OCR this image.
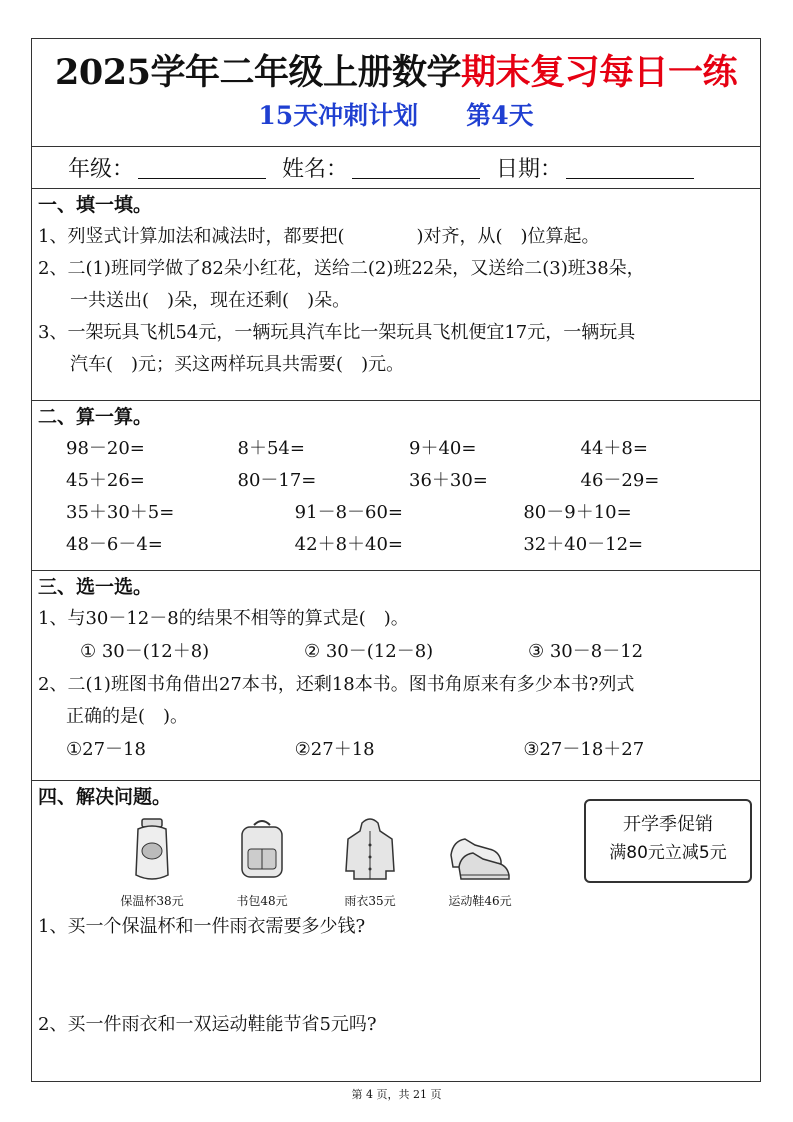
2025学年二年级上册数学期末复习每日一练
15天冲刺计划 第4天
年级：	姓名：	日期：
一、填一填。
1、列竖式计算加法和减法时，都要把(　　　　)对齐，从(　)位算起。
2、二(1)班同学做了82朵小红花，送给二(2)班22朵，又送给二(3)班38朵，
一共送出(　)朵，现在还剩(　)朵。
3、一架玩具飞机54元，一辆玩具汽车比一架玩具飞机便宜17元，一辆玩具
汽车(　)元；买这两样玩具共需要(　)元。
二、算一算。
98－20=	8＋54=	9＋40=	44＋8=
45＋26=	80－17=	36＋30=	46－29=
35＋30＋5=	91－8－60=	80－9＋10=
48－6－4=	42＋8＋40=	32＋40－12=
三、选一选。
1、与30－12－8的结果不相等的算式是(　)。
① 30－(12＋8)	② 30－(12－8)	③ 30－8－12
2、二(1)班图书角借出27本书，还剩18本书。图书角原来有多少本书?列式
正确的是(　)。
①27－18	②27＋18	③27－18＋27
四、解决问题。
保温杯38元	书包48元	雨衣35元	运动鞋46元
开学季促销
满80元立减5元
1、买一个保温杯和一件雨衣需要多少钱?
2、买一件雨衣和一双运动鞋能节省5元吗?
第 4 页，共 21 页
